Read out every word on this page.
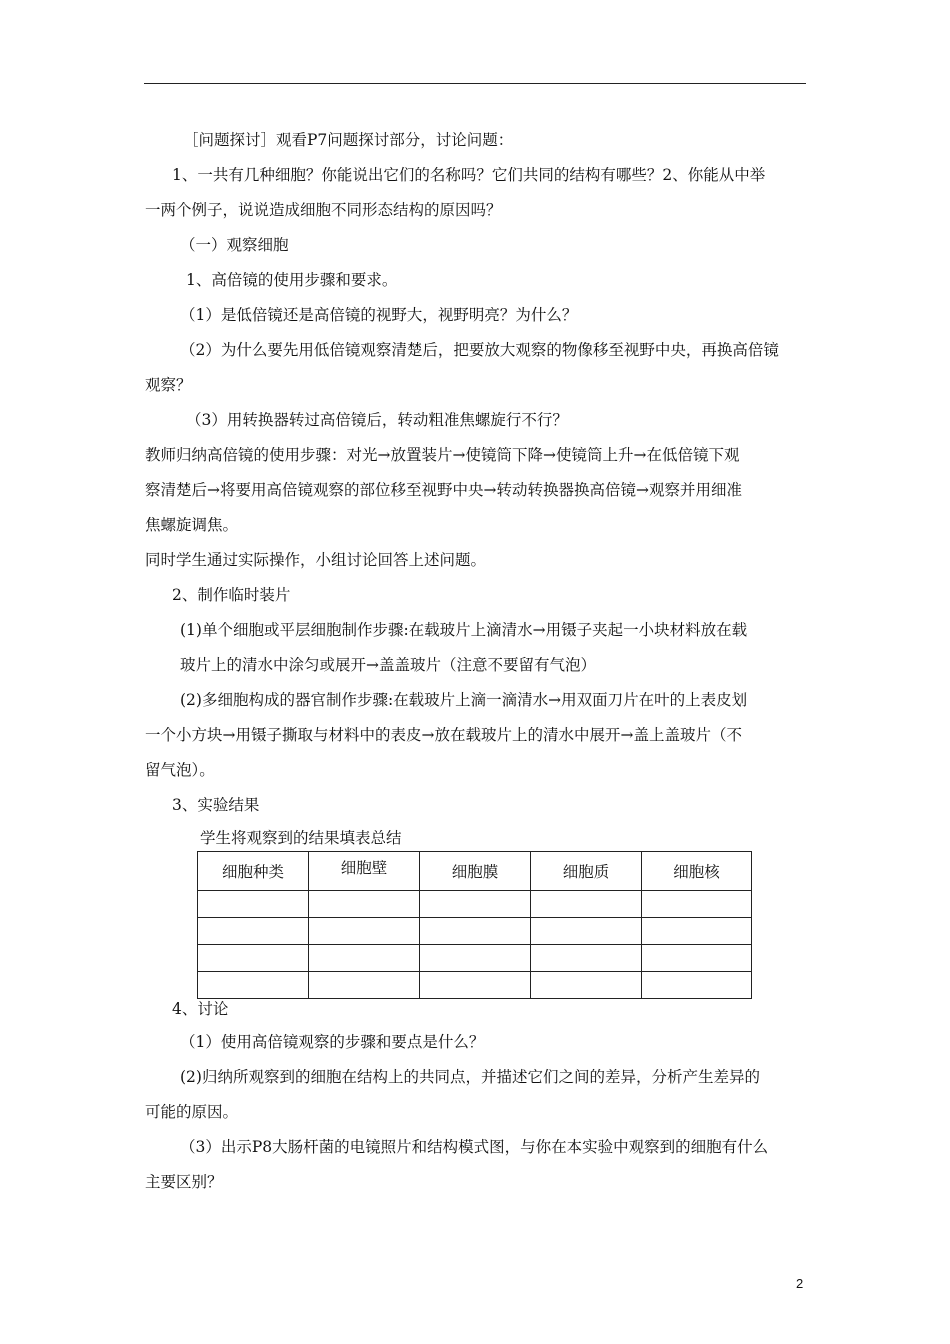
［问题探讨］观看P7问题探讨部分，讨论问题：
1、一共有几种细胞？你能说出它们的名称吗？它们共同的结构有哪些？2、你能从中举
一两个例子，说说造成细胞不同形态结构的原因吗？
（一）观察细胞
1、高倍镜的使用步骤和要求。
（1）是低倍镜还是高倍镜的视野大，视野明亮？为什么？
（2）为什么要先用低倍镜观察清楚后，把要放大观察的物像移至视野中央，再换高倍镜
观察？
（3）用转换器转过高倍镜后，转动粗准焦螺旋行不行？
教师归纳高倍镜的使用步骤：对光→放置装片→使镜筒下降→使镜筒上升→在低倍镜下观
察清楚后→将要用高倍镜观察的部位移至视野中央→转动转换器换高倍镜→观察并用细准
焦螺旋调焦。
同时学生通过实际操作，小组讨论回答上述问题。
2、制作临时装片
(1)单个细胞或平层细胞制作步骤:在载玻片上滴清水→用镊子夹起一小块材料放在载
玻片上的清水中涂匀或展开→盖盖玻片（注意不要留有气泡）
(2)多细胞构成的器官制作步骤:在载玻片上滴一滴清水→用双面刀片在叶的上表皮划
一个小方块→用镊子撕取与材料中的表皮→放在载玻片上的清水中展开→盖上盖玻片（不
留气泡）。
3、实验结果
学生将观察到的结果填表总结
细胞种类	细胞壁	细胞膜	细胞质	细胞核

4、讨论
（1）使用高倍镜观察的步骤和要点是什么？
(2)归纳所观察到的细胞在结构上的共同点，并描述它们之间的差异，分析产生差异的
可能的原因。
（3）出示P8大肠杆菌的电镜照片和结构模式图，与你在本实验中观察到的细胞有什么
主要区别？
2
